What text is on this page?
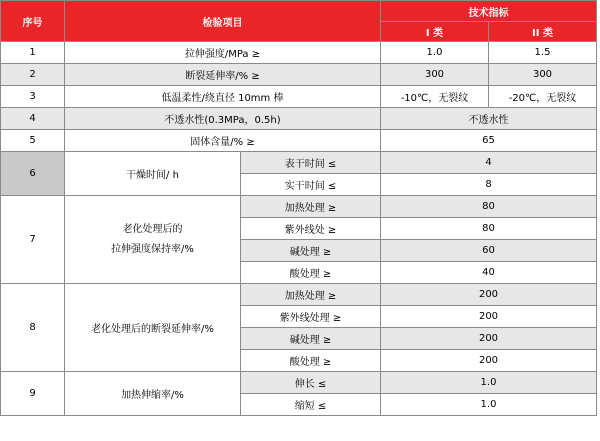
序号	检验项目		技术指标	
			I 类	II 类
1	拉伸强度/MPa ≥		1.0	1.5
2	断裂延伸率/% ≥		300	300
3	低温柔性/绕直径 10mm 棒		-10℃，无裂纹	-20℃，无裂纹
4	不透水性(0.3MPa，0.5h)		不透水性	
5	固体含量/% ≥		65	
6	干燥时间/ h	表干时间 ≤	4	
		实干时间 ≤	8	
7	老化处理后的
拉伸强度保持率/%	加热处理 ≥	80	
		紫外线处 ≥	80	
		碱处理 ≥	60	
		酸处理 ≥	40	
8	老化处理后的断裂延伸率/%	加热处理 ≥	200	
		紫外线处理 ≥	200	
		碱处理 ≥	200	
		酸处理 ≥	200	
9	加热伸缩率/%	伸长 ≤	1.0	
		缩短 ≤	1.0	
